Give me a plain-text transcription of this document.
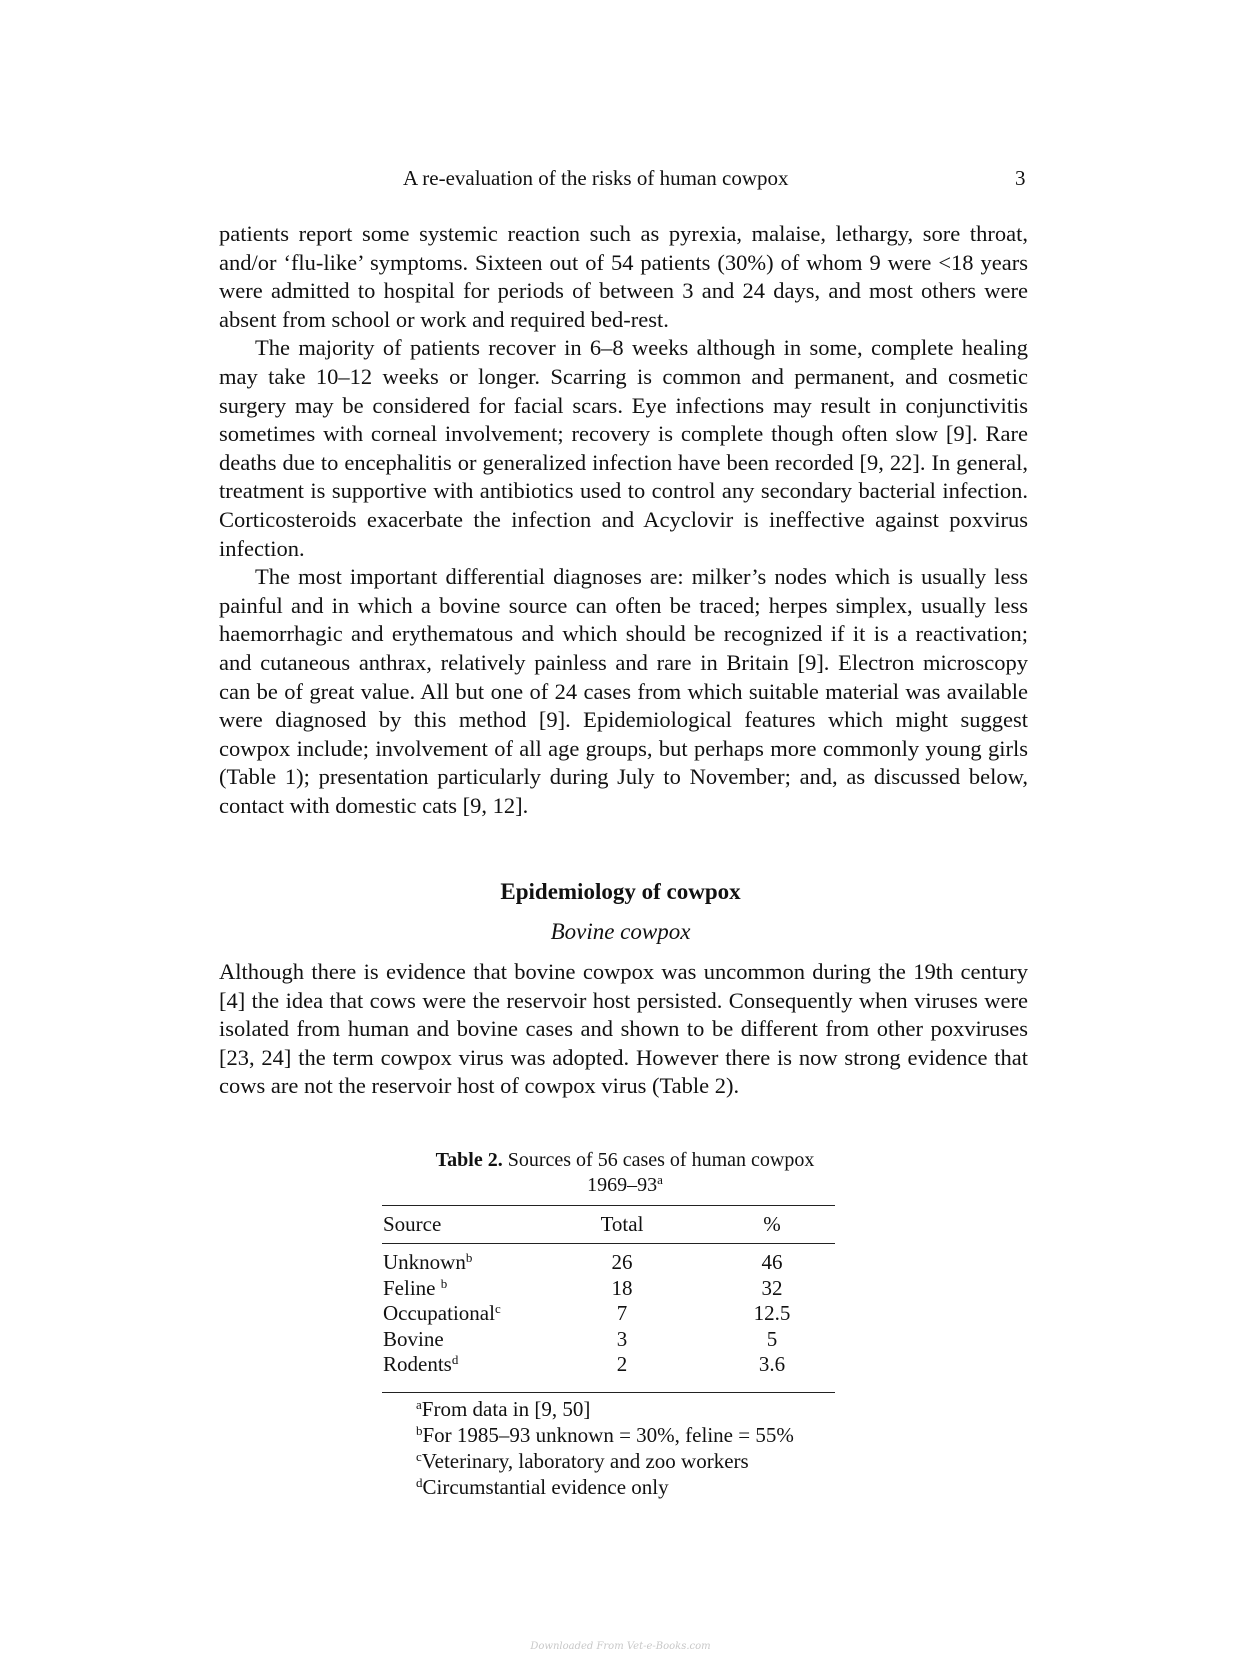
A re-evaluation of the risks of human cowpox	3

patients report some systemic reaction such as pyrexia, malaise, lethargy, sore throat, and/or ‘flu-like’ symptoms. Sixteen out of 54 patients (30%) of whom 9 were <18 years were admitted to hospital for periods of between 3 and 24 days, and most others were absent from school or work and required bed-rest.

The majority of patients recover in 6–8 weeks although in some, complete healing may take 10–12 weeks or longer. Scarring is common and permanent, and cosmetic surgery may be considered for facial scars. Eye infections may result in conjunctivitis sometimes with corneal involvement; recovery is complete though often slow [9]. Rare deaths due to encephalitis or generalized infection have been recorded [9, 22]. In general, treatment is supportive with antibiotics used to control any secondary bacterial infection. Corticosteroids exacerbate the infection and Acyclovir is ineffective against poxvirus infection.

The most important differential diagnoses are: milker’s nodes which is usually less painful and in which a bovine source can often be traced; herpes simplex, usually less haemorrhagic and erythematous and which should be recognized if it is a reactivation; and cutaneous anthrax, relatively painless and rare in Britain [9]. Electron microscopy can be of great value. All but one of 24 cases from which suitable material was available were diagnosed by this method [9]. Epidemiological features which might suggest cowpox include; involvement of all age groups, but perhaps more commonly young girls (Table 1); presentation particularly during July to November; and, as discussed below, contact with domestic cats [9, 12].

Epidemiology of cowpox
Bovine cowpox

Although there is evidence that bovine cowpox was uncommon during the 19th century [4] the idea that cows were the reservoir host persisted. Consequently when viruses were isolated from human and bovine cases and shown to be different from other poxviruses [23, 24] the term cowpox virus was adopted. However there is now strong evidence that cows are not the reservoir host of cowpox virus (Table 2).

Table 2. Sources of 56 cases of human cowpox
1969–93$^a$
Source	Total	%
Unknown$^b$	26	46
Feline $^b$	18	32
Occupational$^c$	7	12.5
Bovine	3	5
Rodents$^d$	2	3.6
$^a$From data in [9, 50]
$^b$For 1985–93 unknown = 30%, feline = 55%
$^c$Veterinary, laboratory and zoo workers
$^d$Circumstantial evidence only
Downloaded From Vet-e-Books.com
